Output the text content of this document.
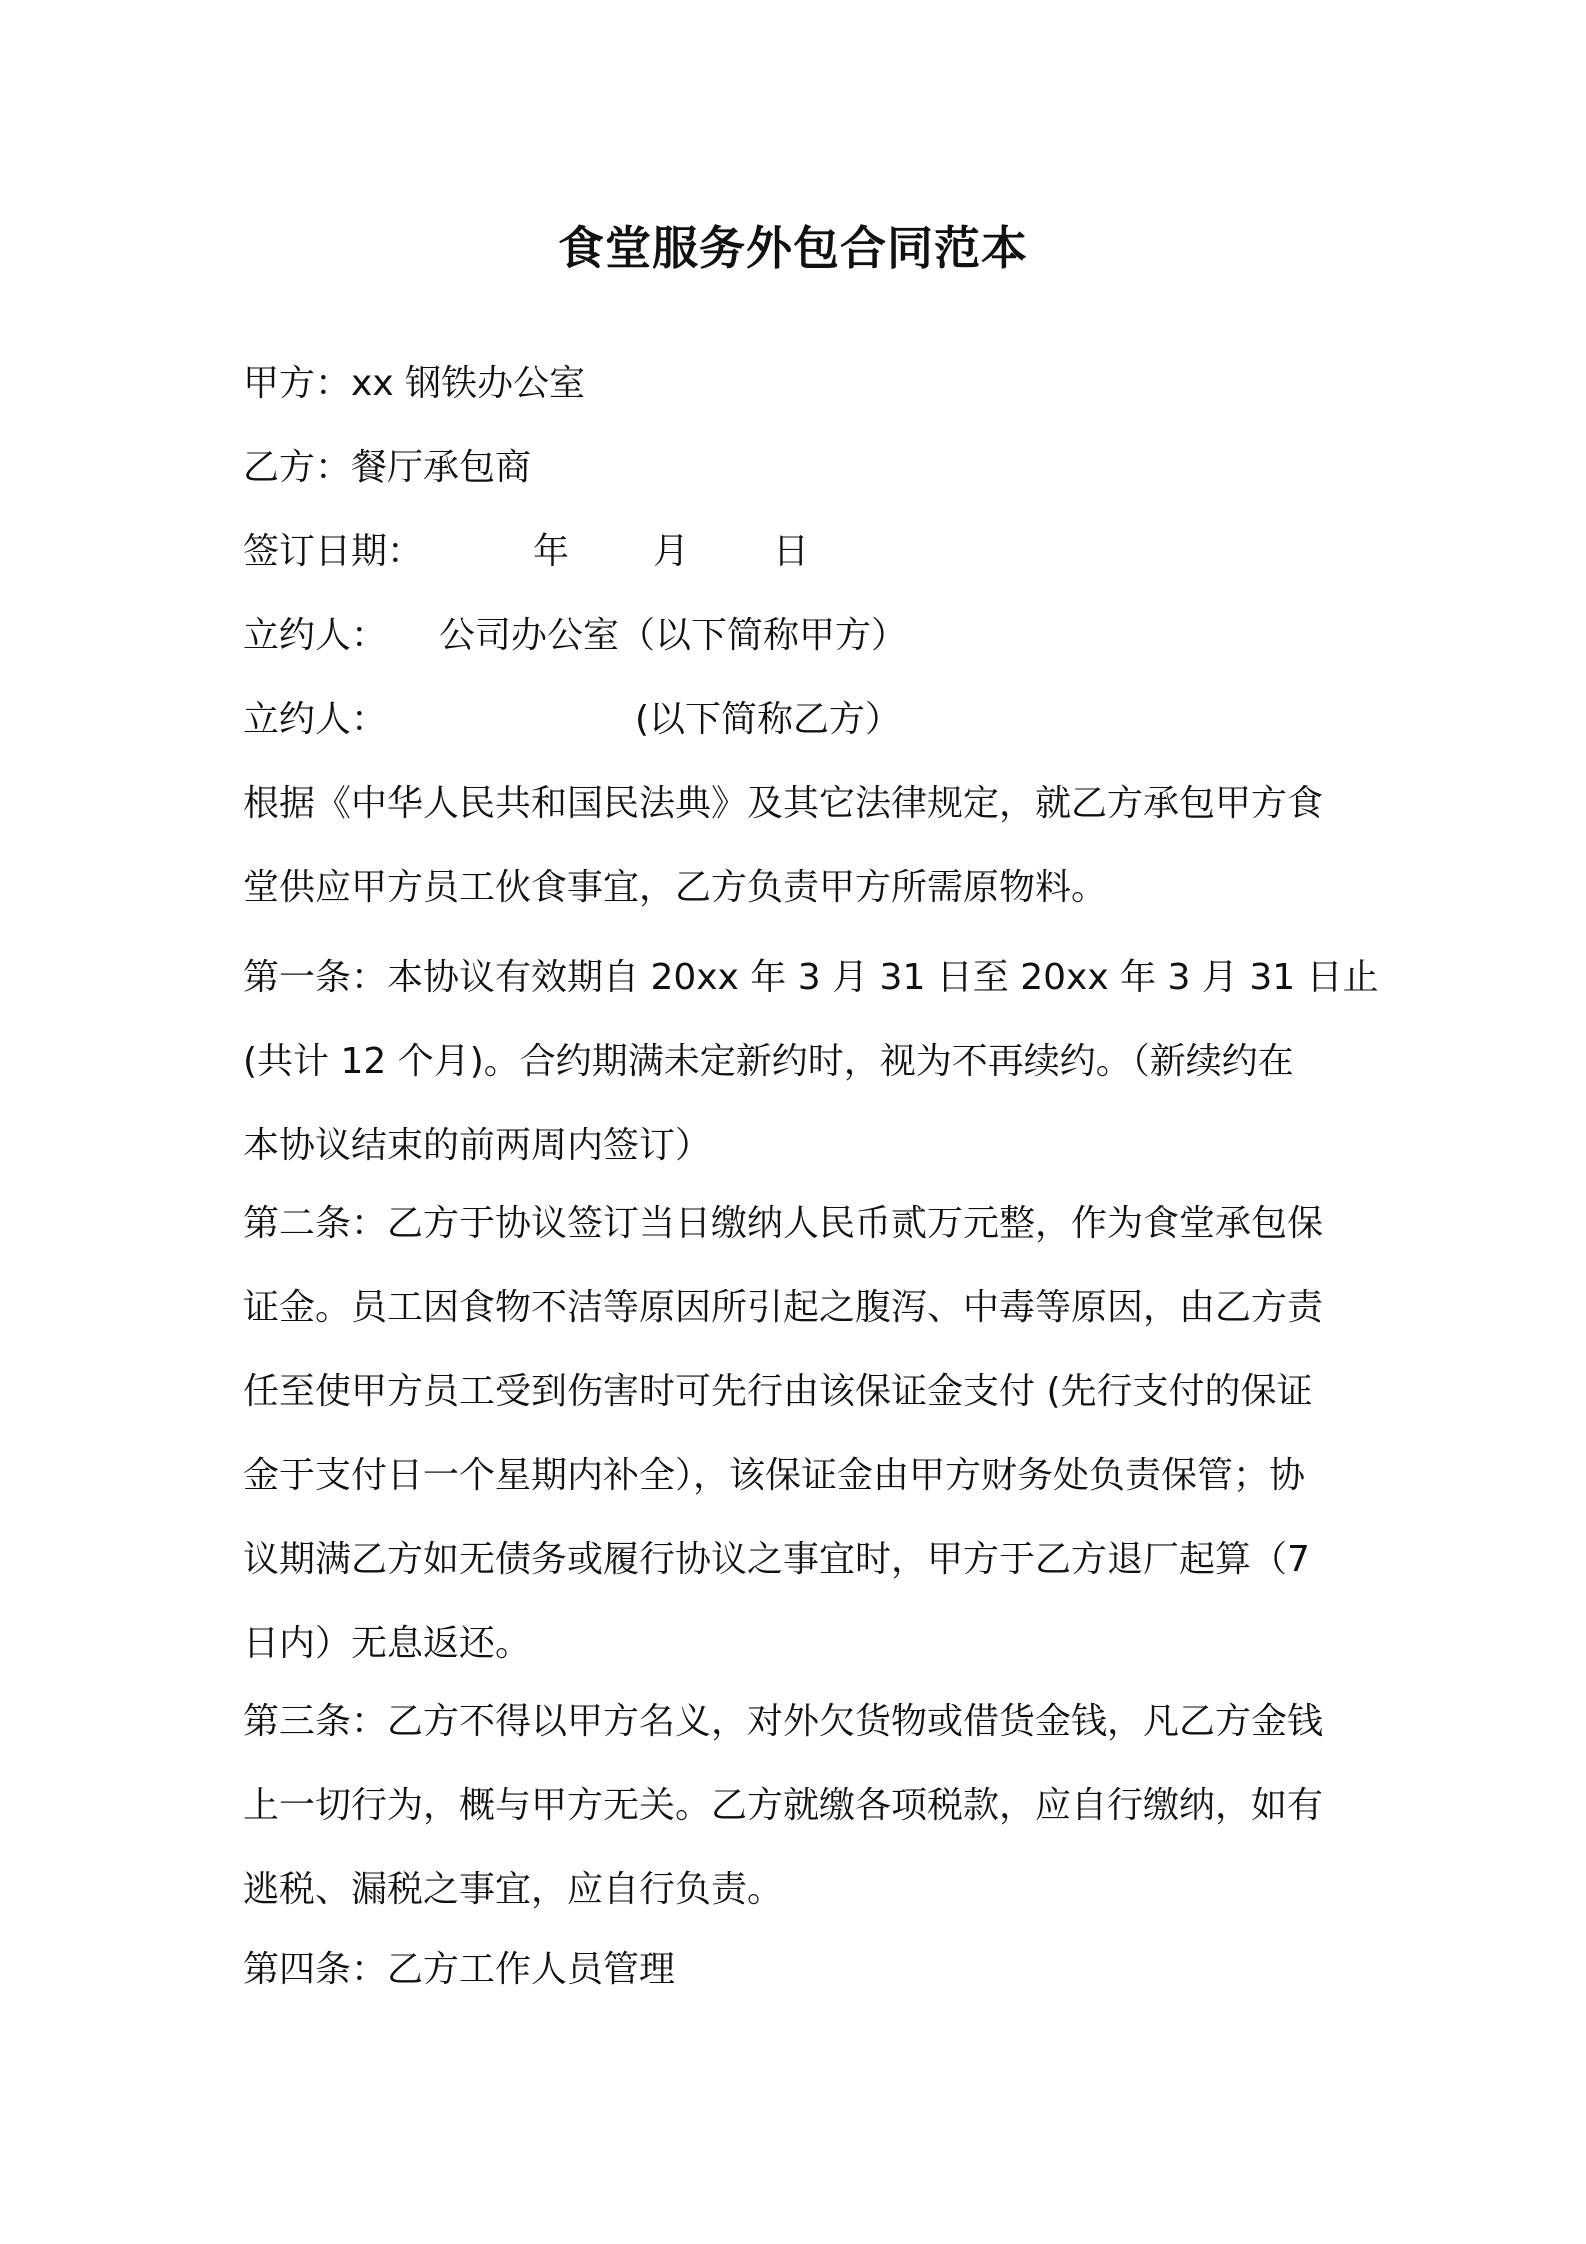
食堂服务外包合同范本
甲方：xx 钢铁办公室
乙方：餐厅承包商
签订日期：	年 月 日
立约人： 公司办公室（以下简称甲方）
立约人：	(以下简称乙方）
根据《中华人民共和国民法典》及其它法律规定，就乙方承包甲方食
堂供应甲方员工伙食事宜，乙方负责甲方所需原物料。
第一条：本协议有效期自 20xx 年 3 月 31 日至 20xx 年 3 月 31 日止
(共计 12 个月)。合约期满未定新约时，视为不再续约。（新续约在
本协议结束的前两周内签订）
第二条：乙方于协议签订当日缴纳人民币贰万元整，作为食堂承包保
证金。员工因食物不洁等原因所引起之腹泻、中毒等原因，由乙方责
任至使甲方员工受到伤害时可先行由该保证金支付 (先行支付的保证
金于支付日一个星期内补全），该保证金由甲方财务处负责保管；协
议期满乙方如无债务或履行协议之事宜时，甲方于乙方退厂起算（7
日内）无息返还。
第三条：乙方不得以甲方名义，对外欠货物或借货金钱，凡乙方金钱
上一切行为，概与甲方无关。乙方就缴各项税款，应自行缴纳，如有
逃税、漏税之事宜，应自行负责。
第四条：乙方工作人员管理
